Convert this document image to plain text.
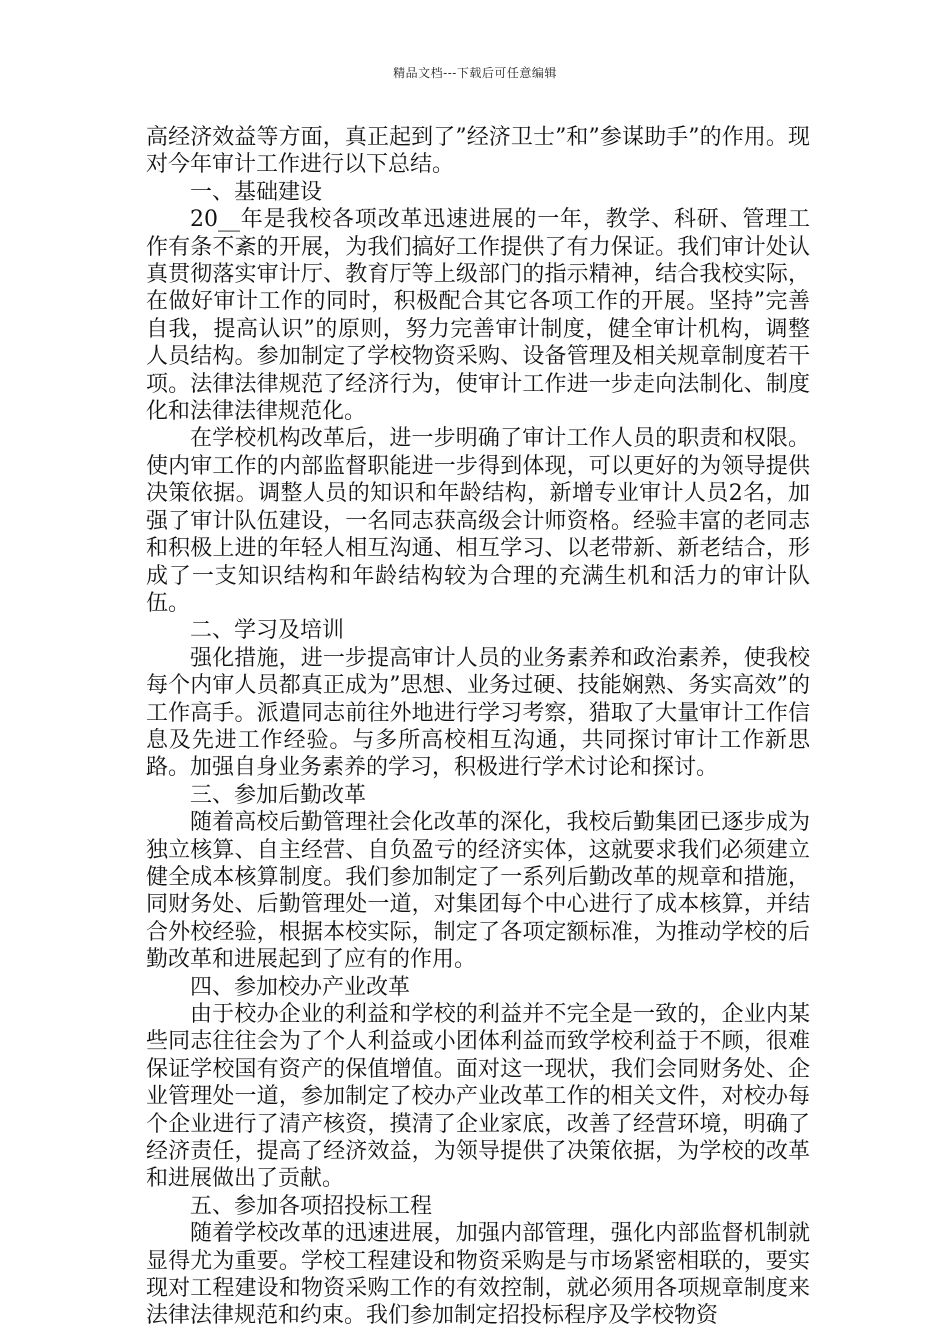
精品文档---下载后可任意编辑

高经济效益等方面，真正起到了”经济卫士”和”参谋助手”的作用。现对今年审计工作进行以下总结。

一、基础建设

20__年是我校各项改革迅速进展的一年，教学、科研、管理工作有条不紊的开展，为我们搞好工作提供了有力保证。我们审计处认真贯彻落实审计厅、教育厅等上级部门的指示精神，结合我校实际，在做好审计工作的同时，积极配合其它各项工作的开展。坚持”完善自我，提高认识”的原则，努力完善审计制度，健全审计机构，调整人员结构。参加制定了学校物资采购、设备管理及相关规章制度若干项。法律法律规范了经济行为，使审计工作进一步走向法制化、制度化和法律法律规范化。

在学校机构改革后，进一步明确了审计工作人员的职责和权限。使内审工作的内部监督职能进一步得到体现，可以更好的为领导提供决策依据。调整人员的知识和年龄结构，新增专业审计人员2名，加强了审计队伍建设，一名同志获高级会计师资格。经验丰富的老同志和积极上进的年轻人相互沟通、相互学习、以老带新、新老结合，形成了一支知识结构和年龄结构较为合理的充满生机和活力的审计队伍。

二、学习及培训

强化措施，进一步提高审计人员的业务素养和政治素养，使我校每个内审人员都真正成为”思想、业务过硬、技能娴熟、务实高效”的工作高手。派遣同志前往外地进行学习考察，猎取了大量审计工作信息及先进工作经验。与多所高校相互沟通，共同探讨审计工作新思路。加强自身业务素养的学习，积极进行学术讨论和探讨。

三、参加后勤改革

随着高校后勤管理社会化改革的深化，我校后勤集团已逐步成为独立核算、自主经营、自负盈亏的经济实体，这就要求我们必须建立健全成本核算制度。我们参加制定了一系列后勤改革的规章和措施，同财务处、后勤管理处一道，对集团每个中心进行了成本核算，并结合外校经验，根据本校实际，制定了各项定额标准，为推动学校的后勤改革和进展起到了应有的作用。

四、参加校办产业改革

由于校办企业的利益和学校的利益并不完全是一致的，企业内某些同志往往会为了个人利益或小团体利益而致学校利益于不顾，很难保证学校国有资产的保值增值。面对这一现状，我们会同财务处、企业管理处一道，参加制定了校办产业改革工作的相关文件，对校办每个企业进行了清产核资，摸清了企业家底，改善了经营环境，明确了经济责任，提高了经济效益，为领导提供了决策依据，为学校的改革和进展做出了贡献。

五、参加各项招投标工程

随着学校改革的迅速进展，加强内部管理，强化内部监督机制就显得尤为重要。学校工程建设和物资采购是与市场紧密相联的，要实现对工程建设和物资采购工作的有效控制，就必须用各项规章制度来法律法律规范和约束。我们参加制定招投标程序及学校物资
